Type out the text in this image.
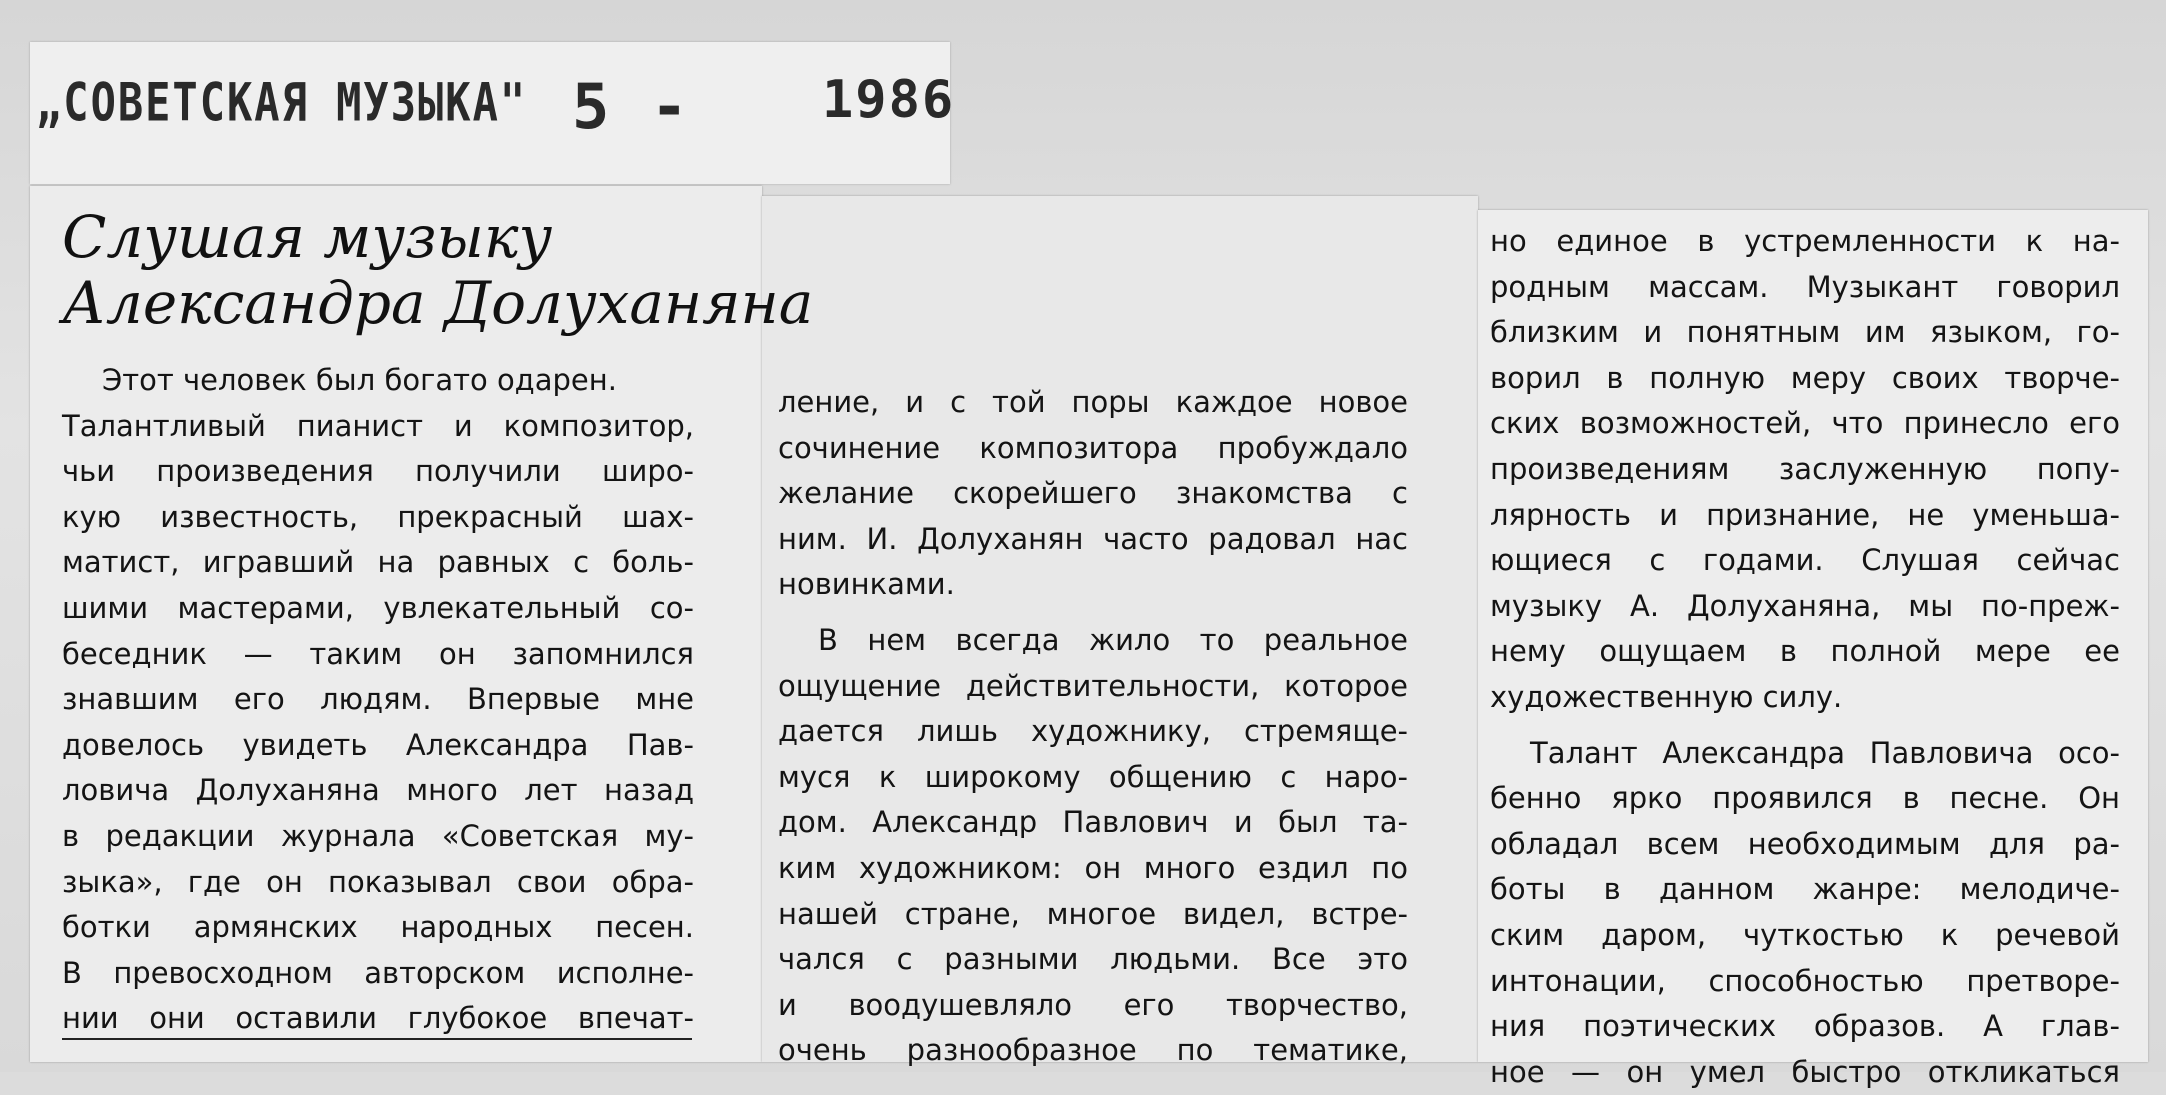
„СОВЕТСКАЯ МУЗЫКА" 5 -	1986
Слушая музыку
Александра Долуханяна
Этот человек был богато одарен.
Талантливый пианист и композитор,
чьи произведения получили широ-
кую известность, прекрасный шах-
матист, игравший на равных с боль-
шими мастерами, увлекательный со-
беседник — таким он запомнился
знавшим его людям. Впервые мне
довелось увидеть Александра Пав-
ловича Долуханяна много лет назад
в редакции журнала «Советская му-
зыка», где он показывал свои обра-
ботки армянских народных песен.
В превосходном авторском исполне-
нии они оставили глубокое впечат-
ление, и с той поры каждое новое
сочинение композитора пробуждало
желание скорейшего знакомства с
ним. И. Долуханян часто радовал нас
новинками.
В нем всегда жило то реальное
ощущение действительности, которое
дается лишь художнику, стремяще-
муся к широкому общению с наро-
дом. Александр Павлович и был та-
ким художником: он много ездил по
нашей стране, многое видел, встре-
чался с разными людьми. Все это
и воодушевляло его творчество,
очень разнообразное по тематике,
но единое в устремленности к на-
родным массам. Музыкант говорил
близким и понятным им языком, го-
ворил в полную меру своих творче-
ских возможностей, что принесло его
произведениям заслуженную попу-
лярность и признание, не уменьша-
ющиеся с годами. Слушая сейчас
музыку А. Долуханяна, мы по-преж-
нему ощущаем в полной мере ее
художественную силу.
Талант Александра Павловича осо-
бенно ярко проявился в песне. Он
обладал всем необходимым для ра-
боты в данном жанре: мелодиче-
ским даром, чуткостью к речевой
интонации, способностью претворе-
ния поэтических образов. А глав-
ное — он умел быстро откликаться
